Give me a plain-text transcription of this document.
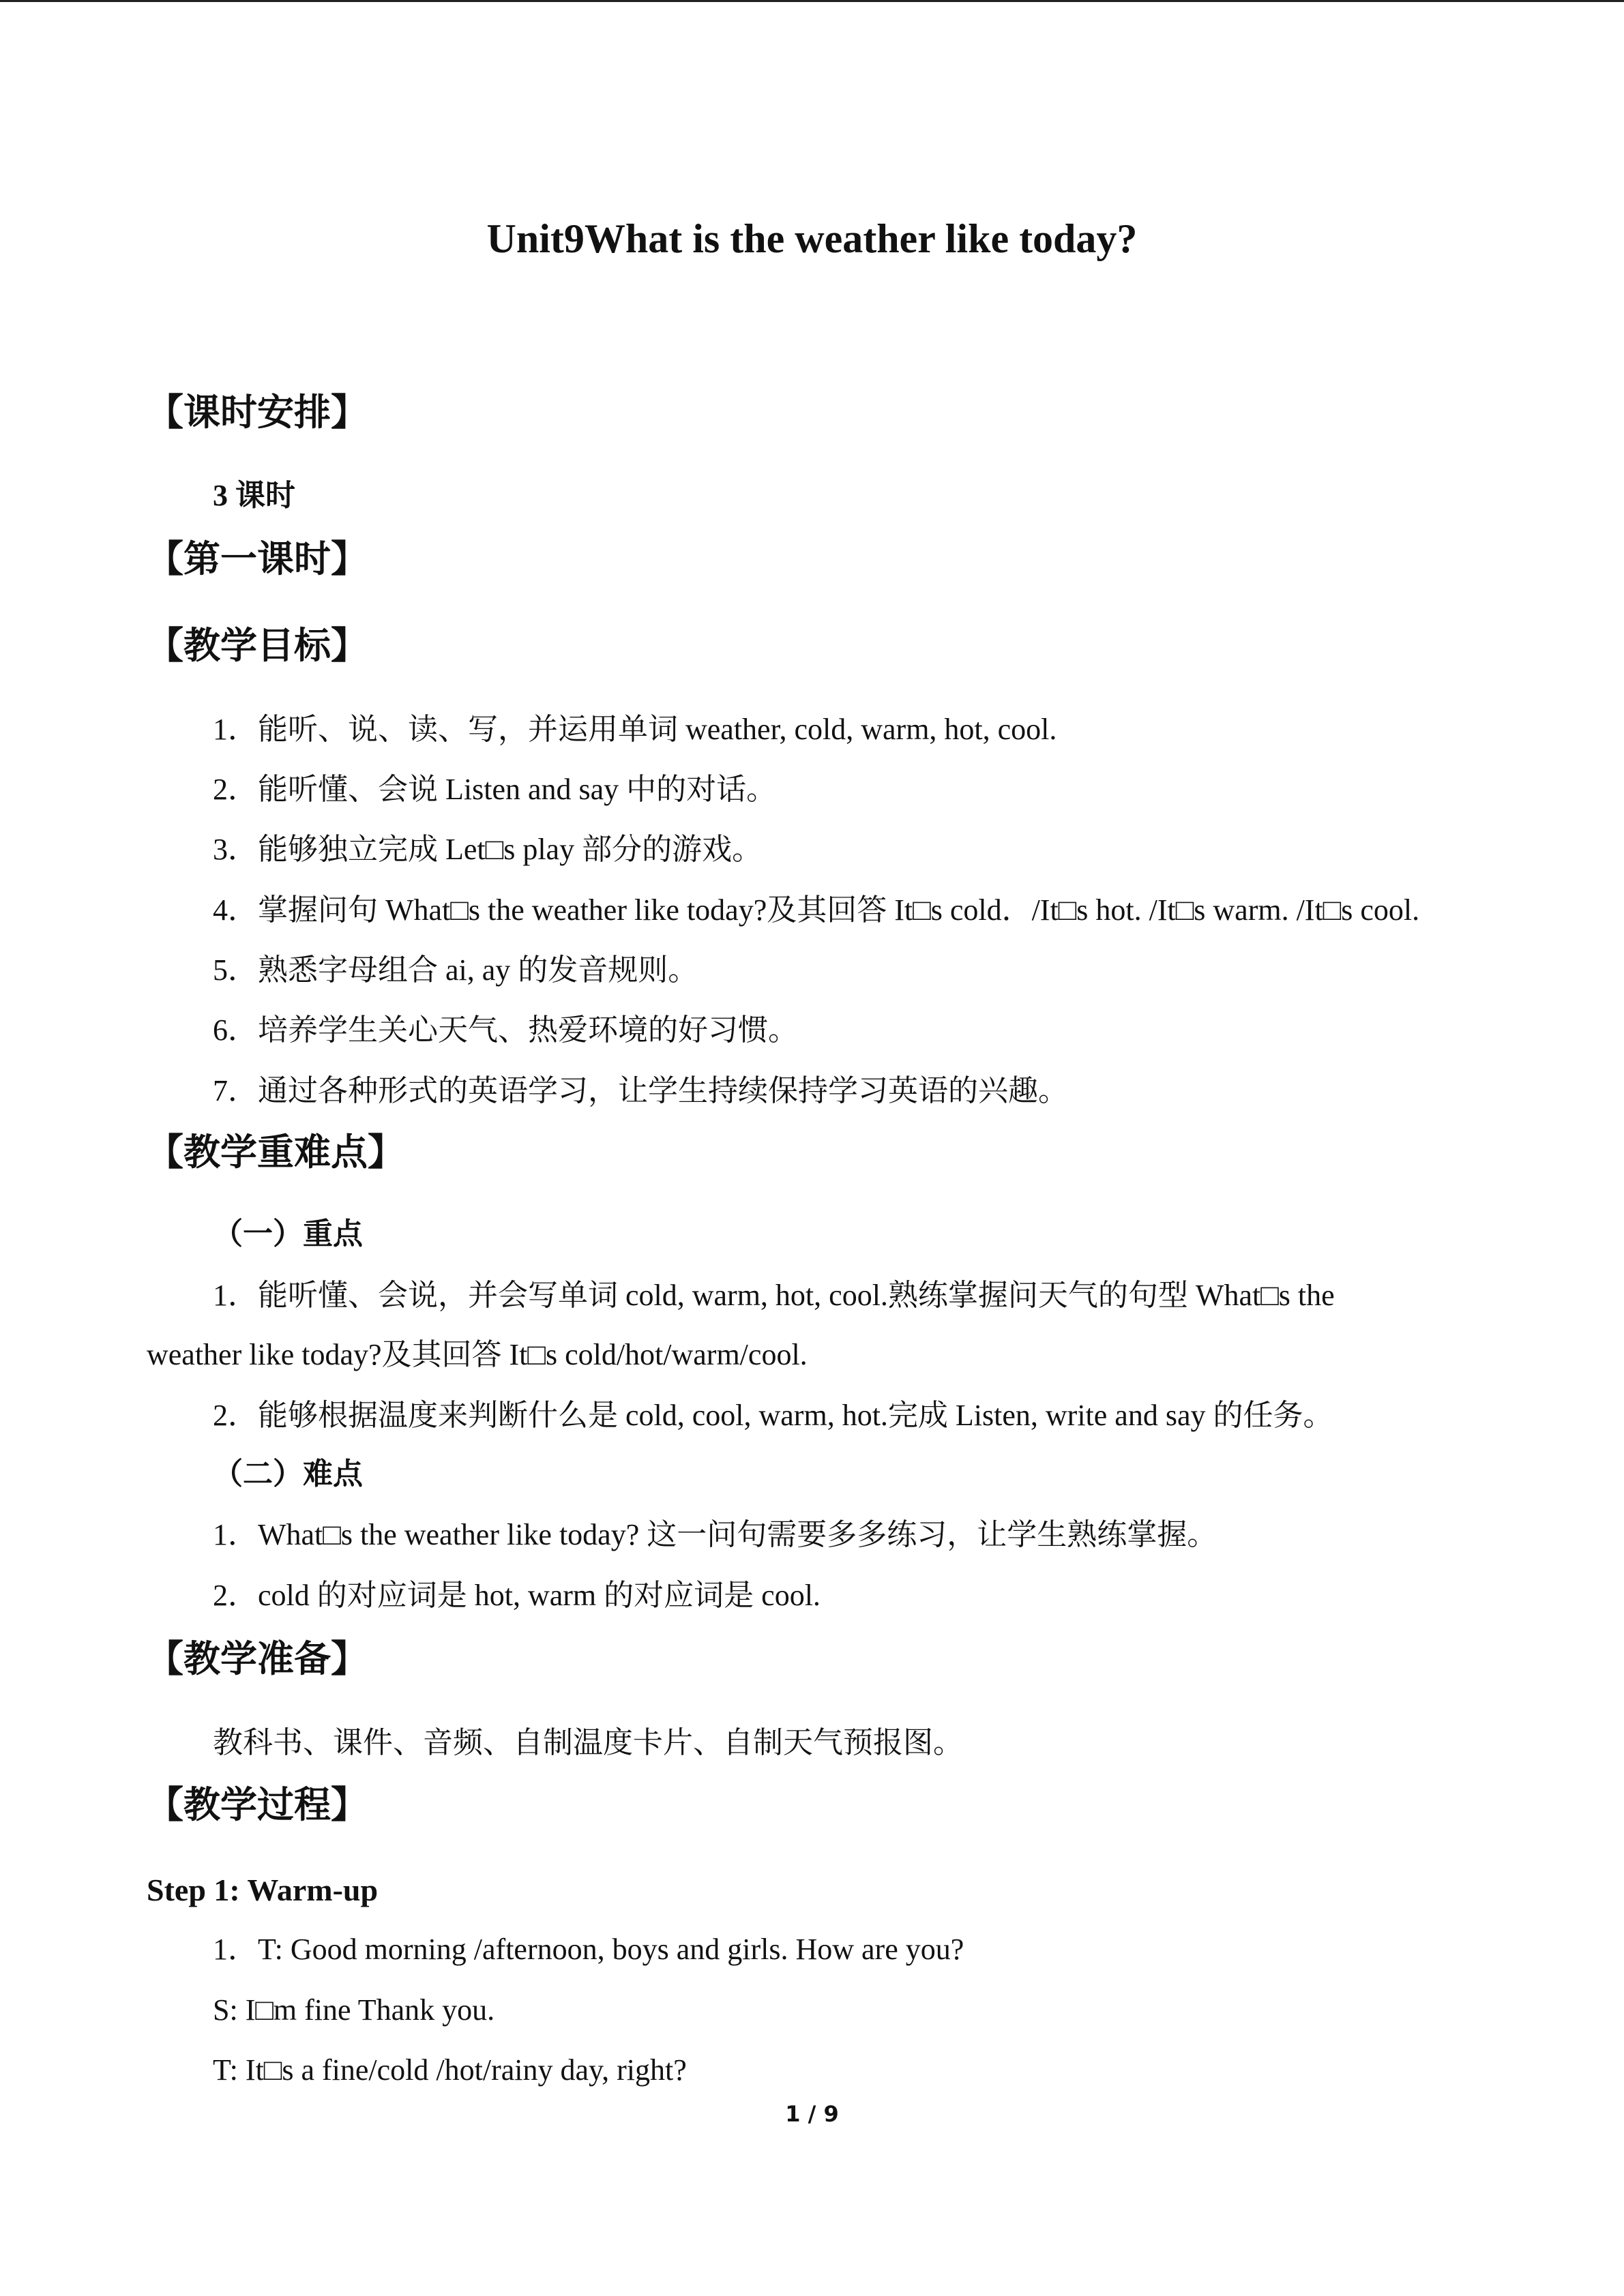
Unit9What is the weather like today?
【课时安排】
3 课时
【第一课时】
【教学目标】
1．能听、说、读、写，并运用单词 weather, cold, warm, hot, cool.
2．能听懂、会说 Listen and say 中的对话。
3．能够独立完成 Let□s play 部分的游戏。
4．掌握问句 What□s the weather like today?及其回答 It□s cold．/It□s hot. /It□s warm. /It□s cool.
5．熟悉字母组合 ai, ay 的发音规则。
6．培养学生关心天气、热爱环境的好习惯。
7．通过各种形式的英语学习，让学生持续保持学习英语的兴趣。
【教学重难点】
（一）重点
1．能听懂、会说，并会写单词 cold, warm, hot, cool.熟练掌握问天气的句型 What□s the
weather like today?及其回答 It□s cold/hot/warm/cool.
2．能够根据温度来判断什么是 cold, cool, warm, hot.完成 Listen, write and say 的任务。
（二）难点
1．What□s the weather like today? 这一问句需要多多练习，让学生熟练掌握。
2．cold 的对应词是 hot, warm 的对应词是 cool.
【教学准备】
教科书、课件、音频、自制温度卡片、自制天气预报图。
【教学过程】
Step 1: Warm-up
1．T: Good morning /afternoon, boys and girls. How are you?
S: I□m fine Thank you.
T: It□s a fine/cold /hot/rainy day, right?
1 / 9
